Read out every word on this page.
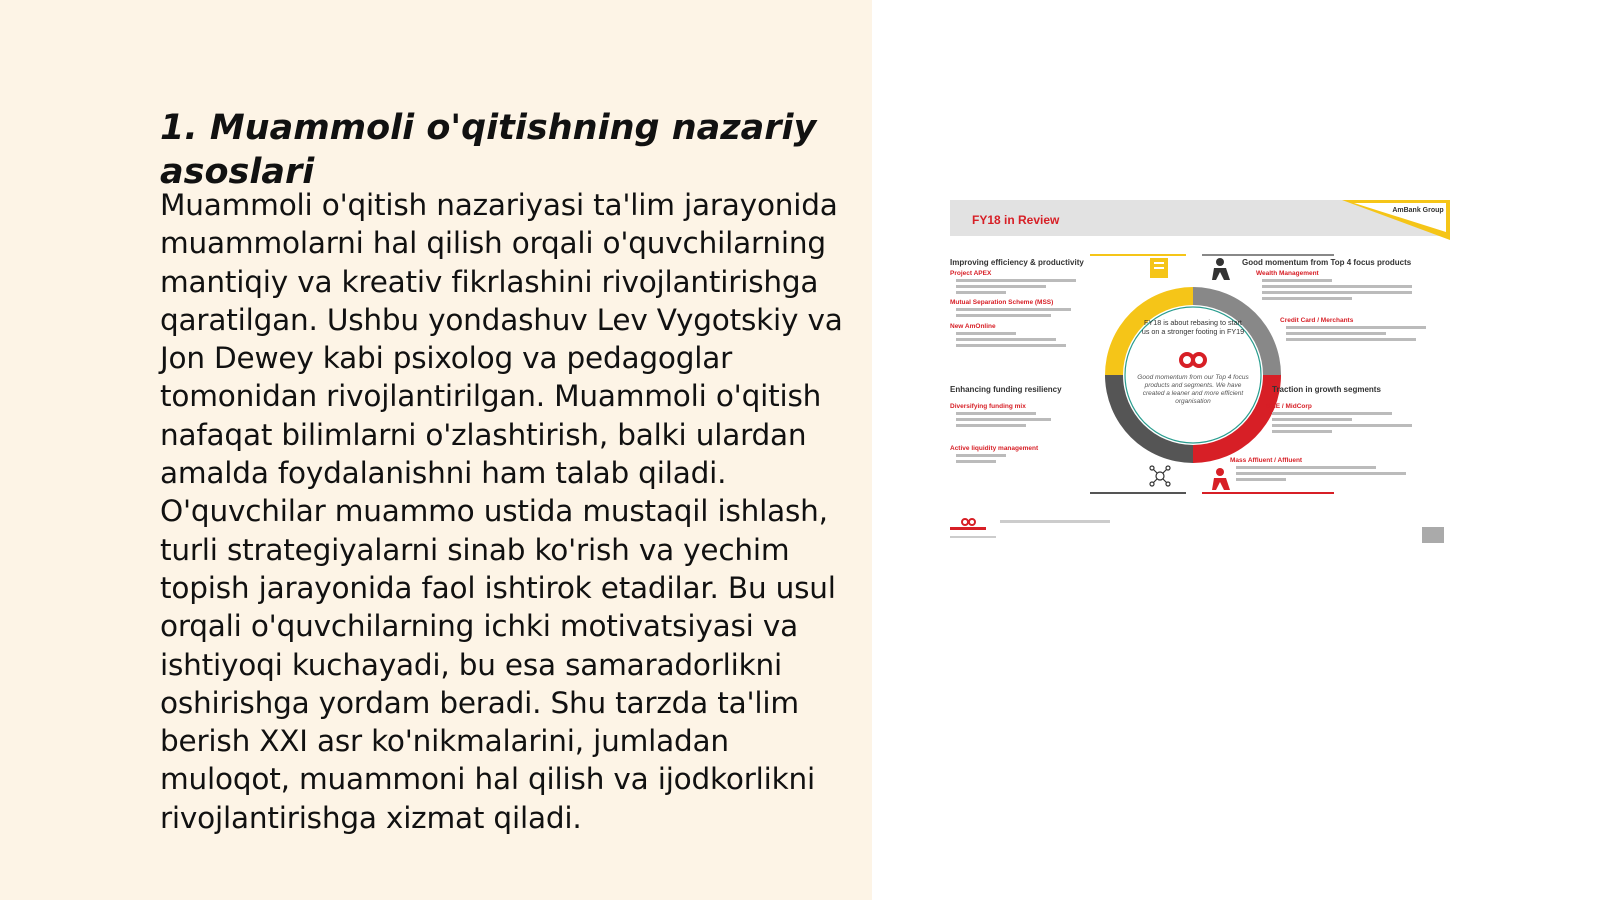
1. Muammoli o'qitishning nazariy asoslari

Muammoli o'qitish nazariyasi ta'lim jarayonida muammolarni hal qilish orqali o'quvchilarning mantiqiy va kreativ fikrlashini rivojlantirishga qaratilgan. Ushbu yondashuv Lev Vygotskiy va Jon Dewey kabi psixolog va pedagoglar tomonidan rivojlantirilgan. Muammoli o'qitish nafaqat bilimlarni o'zlashtirish, balki ulardan amalda foydalanishni ham talab qiladi. O'quvchilar muammo ustida mustaqil ishlash, turli strategiyalarni sinab ko'rish va yechim topish jarayonida faol ishtirok etadilar. Bu usul orqali o'quvchilarning ichki motivatsiyasi va ishtiyoqi kuchayadi, bu esa samaradorlikni oshirishga yordam beradi. Shu tarzda ta'lim berish XXI asr ko'nikmalarini, jumladan muloqot, muammoni hal qilish va ijodkorlikni rivojlantirishga xizmat qiladi.

FY18 in Review
AmBank Group
FY18 is about rebasing to start us on a stronger footing in FY19
Good momentum from our Top 4 focus products and segments. We have created a leaner and more efficient organisation
Improving efficiency & productivity
Project APEX
Mutual Separation Scheme (MSS)
New AmOnline
Good momentum from Top 4 focus products
Wealth Management
Credit Card / Merchants
Enhancing funding resiliency
Diversifying funding mix
Active liquidity management
Traction in growth segments
SME / MidCorp
Mass Affluent / Affluent
